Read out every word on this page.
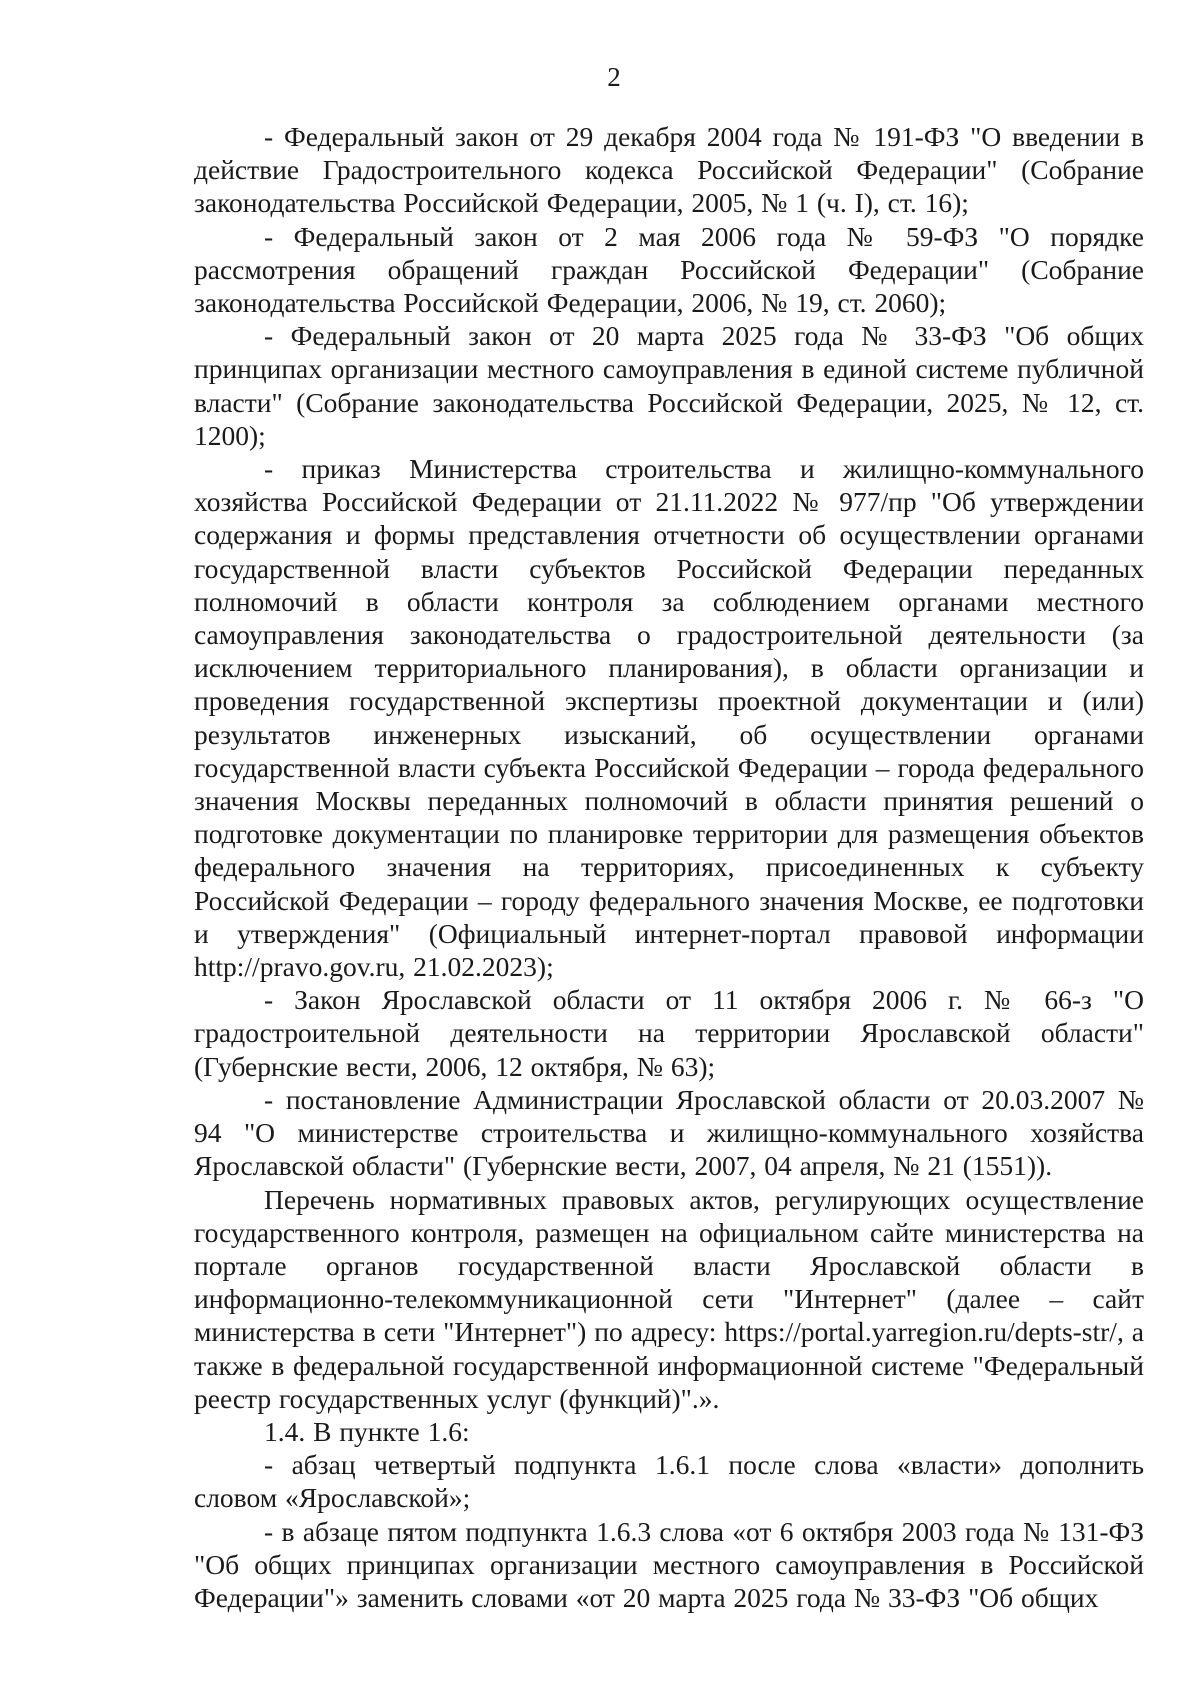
2

- Федеральный закон от 29 декабря 2004 года № 191-ФЗ "О введении в действие Градостроительного кодекса Российской Федерации" (Собрание законодательства Российской Федерации, 2005, № 1 (ч. I), ст. 16);

- Федеральный закон от 2 мая 2006 года № 59-ФЗ "О порядке рассмотрения обращений граждан Российской Федерации" (Собрание законодательства Российской Федерации, 2006, № 19, ст. 2060);

- Федеральный закон от 20 марта 2025 года № 33-ФЗ "Об общих принципах организации местного самоуправления в единой системе публичной власти" (Собрание законодательства Российской Федерации, 2025, № 12, ст. 1200);

- приказ Министерства строительства и жилищно-коммунального хозяйства Российской Федерации от 21.11.2022 № 977/пр "Об утверждении содержания и формы представления отчетности об осуществлении органами государственной власти субъектов Российской Федерации переданных полномочий в области контроля за соблюдением органами местного самоуправления законодательства о градостроительной деятельности (за исключением территориального планирования), в области организации и проведения государственной экспертизы проектной документации и (или) результатов инженерных изысканий, об осуществлении органами государственной власти субъекта Российской Федерации – города федерального значения Москвы переданных полномочий в области принятия решений о подготовке документации по планировке территории для размещения объектов федерального значения на территориях, присоединенных к субъекту Российской Федерации – городу федерального значения Москве, ее подготовки и утверждения" (Официальный интернет-портал правовой информации http://pravo.gov.ru, 21.02.2023);

- Закон Ярославской области от 11 октября 2006 г. № 66-з "О градостроительной деятельности на территории Ярославской области" (Губернские вести, 2006, 12 октября, № 63);

- постановление Администрации Ярославской области от 20.03.2007 № 94 "О министерстве строительства и жилищно-коммунального хозяйства Ярославской области" (Губернские вести, 2007, 04 апреля, № 21 (1551)).

Перечень нормативных правовых актов, регулирующих осуществление государственного контроля, размещен на официальном сайте министерства на портале органов государственной власти Ярославской области в информационно-телекоммуникационной сети "Интернет" (далее – сайт министерства в сети "Интернет") по адресу: https://portal.yarregion.ru/depts-str/, а также в федеральной государственной информационной системе "Федеральный реестр государственных услуг (функций)".».

1.4. В пункте 1.6:

- абзац четвертый подпункта 1.6.1 после слова «власти» дополнить словом «Ярославской»;

- в абзаце пятом подпункта 1.6.3 слова «от 6 октября 2003 года № 131-ФЗ "Об общих принципах организации местного самоуправления в Российской Федерации"» заменить словами «от 20 марта 2025 года № 33-ФЗ "Об общих
